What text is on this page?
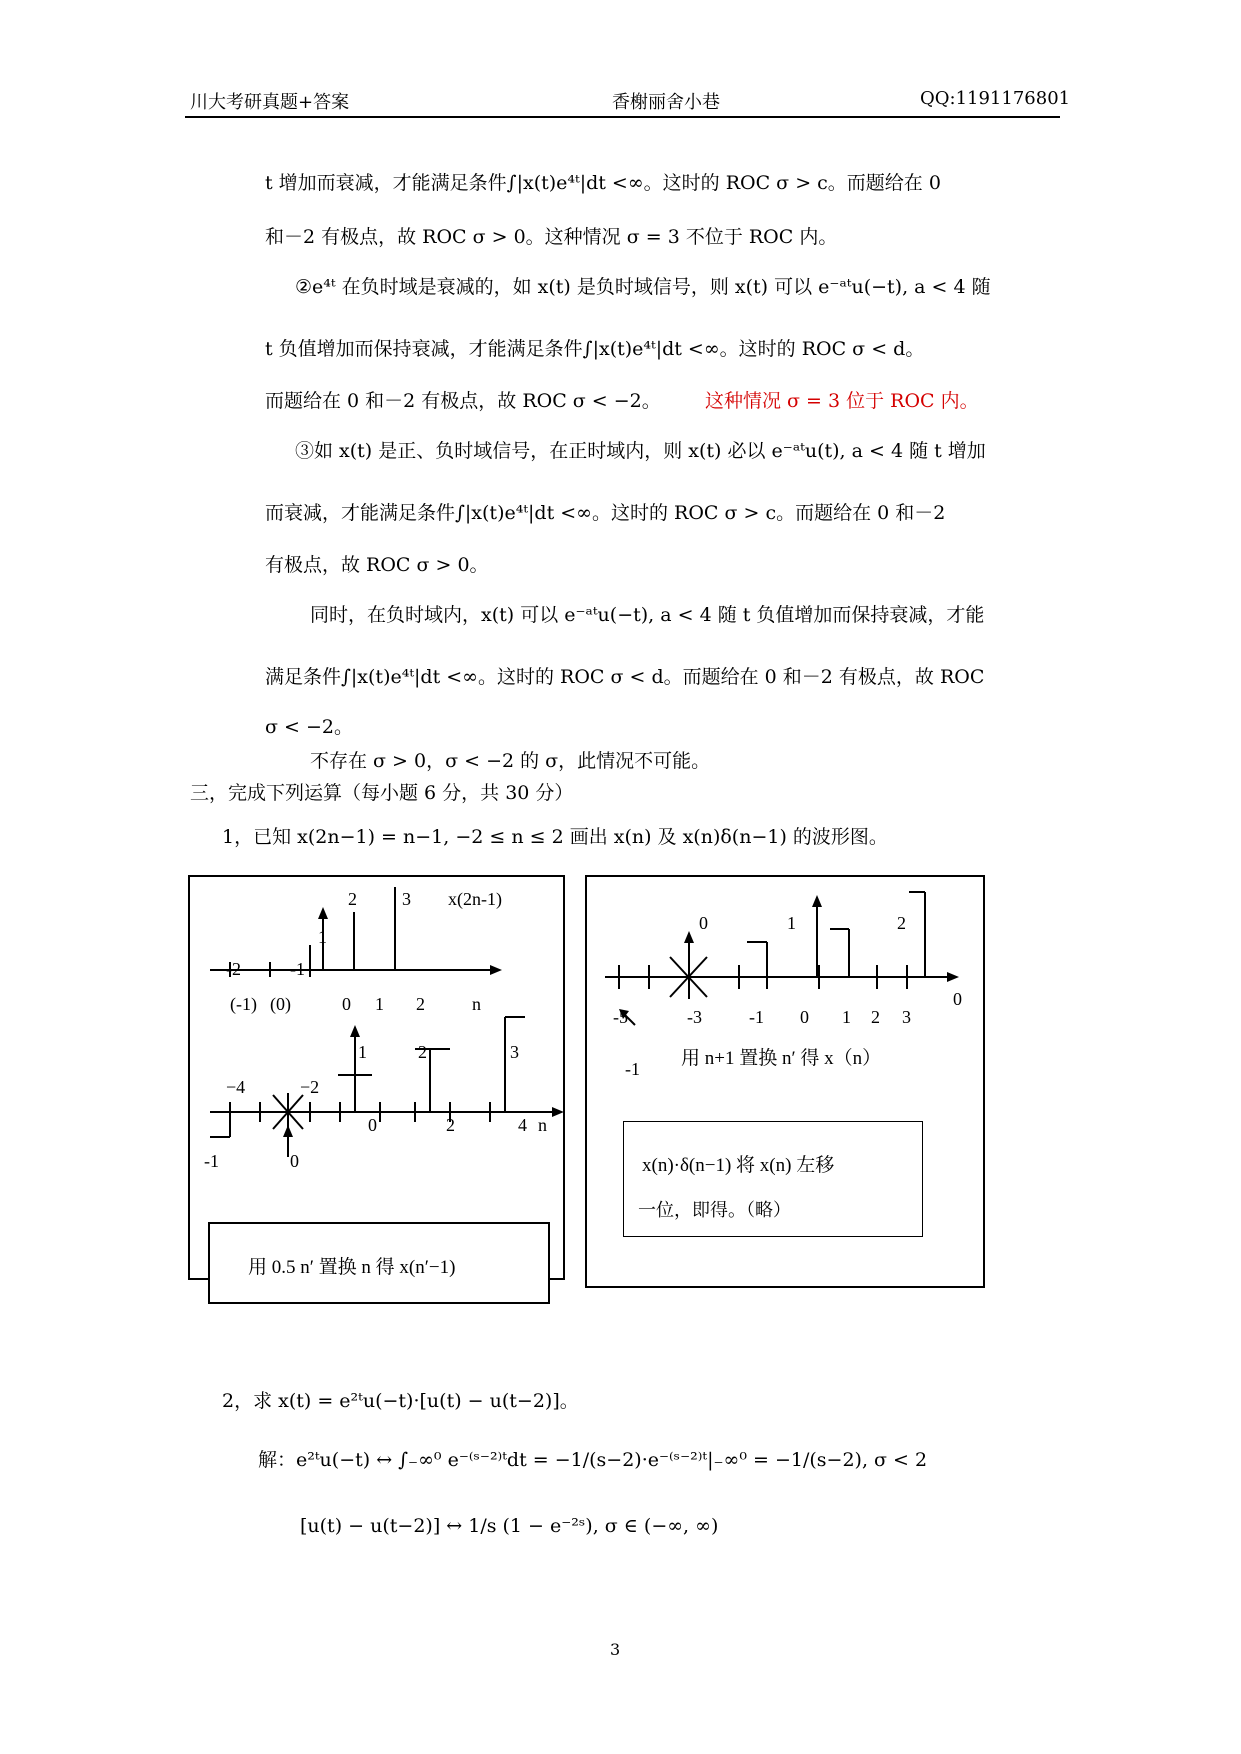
川大考研真题+答案	香榭丽舍小巷	QQ:1191176801
t 增加而衰减，才能满足条件∫|x(t)e⁴ᵗ|dt <∞。这时的 ROC σ > c。而题给在 0
和－2 有极点，故 ROC σ > 0。这种情况 σ = 3 不位于 ROC 内。
②e⁴ᵗ 在负时域是衰减的，如 x(t) 是负时域信号，则 x(t) 可以 e⁻ᵃᵗu(−t), a < 4 随
t 负值增加而保持衰减，才能满足条件∫|x(t)e⁴ᵗ|dt <∞。这时的 ROC σ < d。
而题给在 0 和－2 有极点，故 ROC σ < −2。 这种情况 σ = 3 位于 ROC 内。
③如 x(t) 是正、负时域信号，在正时域内，则 x(t) 必以 e⁻ᵃᵗu(t), a < 4 随 t 增加
而衰减，才能满足条件∫|x(t)e⁴ᵗ|dt <∞。这时的 ROC σ > c。而题给在 0 和－2
有极点，故 ROC σ > 0。
同时，在负时域内，x(t) 可以 e⁻ᵃᵗu(−t), a < 4 随 t 负值增加而保持衰减，才能
满足条件∫|x(t)e⁴ᵗ|dt <∞。这时的 ROC σ < d。而题给在 0 和－2 有极点，故 ROC
σ < −2。
不存在 σ > 0，σ < −2 的 σ，此情况不可能。
三，完成下列运算（每小题 6 分，共 30 分）
1，已知 x(2n−1) = n−1, −2 ≤ n ≤ 2 画出 x(n) 及 x(n)δ(n−1) 的波形图。
2	3 x(2n-1)
1
-2	-1
(-1) (0)	0 1 2	n
1	2	3
−4	−2
0	2	4 n
-1	0
用 0.5 n′ 置换 n 得 x(n′−1)
0	1	2
-5	-3	-1 0 1 2 3
0
-1 用 n+1 置换 n′ 得 x（n）
x(n)·δ(n−1) 将 x(n) 左移
一位，即得。（略）
2，求 x(t) = e²ᵗu(−t)·[u(t) − u(t−2)]。
解：e²ᵗu(−t) ↔ ∫₋∞⁰ e⁻⁽ˢ⁻²⁾ᵗdt = −1/(s−2)·e⁻⁽ˢ⁻²⁾ᵗ|₋∞⁰ = −1/(s−2), σ < 2
[u(t) − u(t−2)] ↔ 1/s (1 − e⁻²ˢ), σ ∈ (−∞, ∞)
3
